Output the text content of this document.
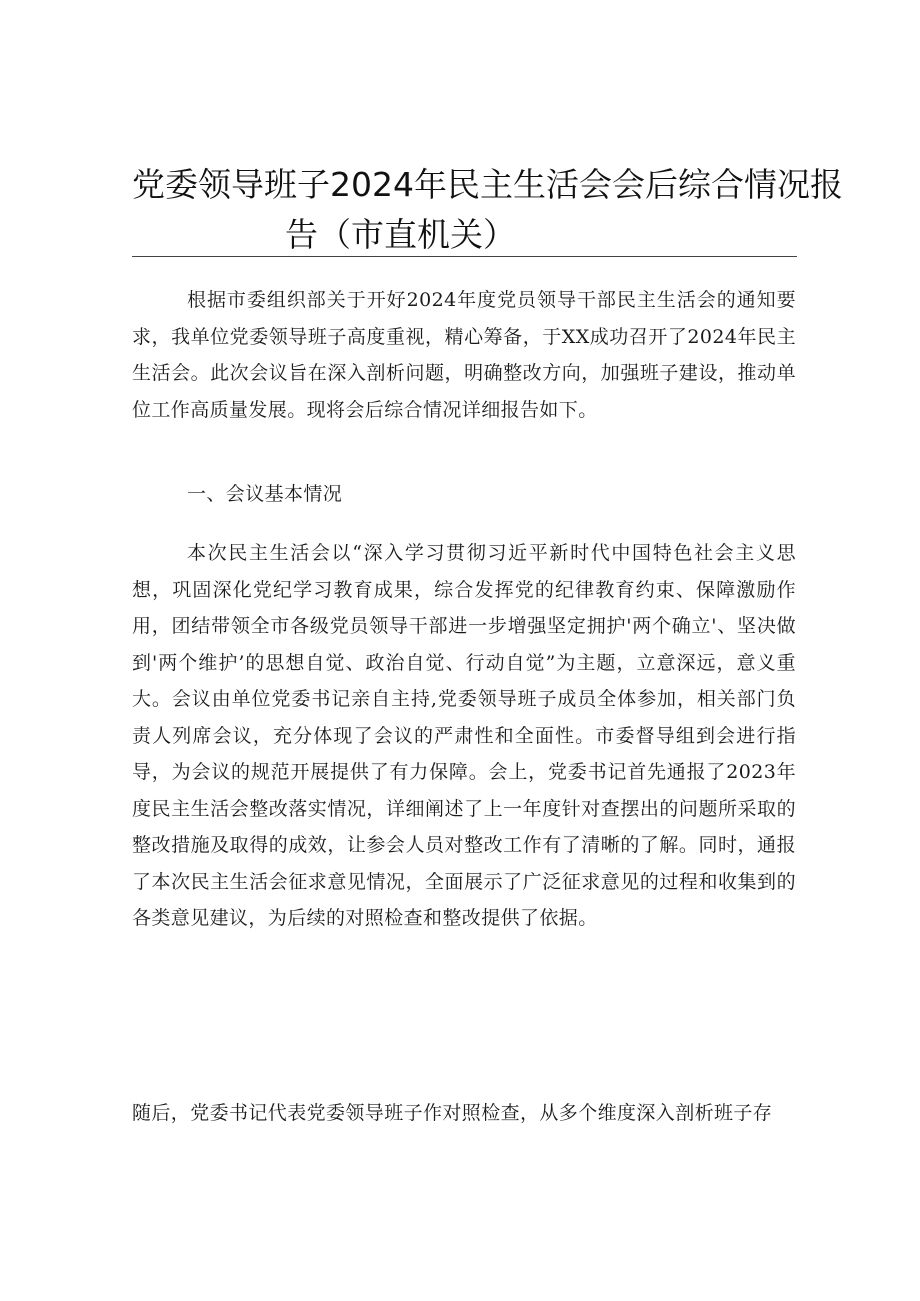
党委领导班子2024年民主生活会会后综合情况报
告（市直机关）

根据市委组织部关于开好2024年度党员领导干部民主生活会的通知要求，我单位党委领导班子高度重视，精心筹备，于XX成功召开了2024年民主生活会。此次会议旨在深入剖析问题，明确整改方向，加强班子建设，推动单位工作高质量发展。现将会后综合情况详细报告如下。

一、会议基本情况

本次民主生活会以“深入学习贯彻习近平新时代中国特色社会主义思想，巩固深化党纪学习教育成果，综合发挥党的纪律教育约束、保障激励作用，团结带领全市各级党员领导干部进一步增强坚定拥护'两个确立'、坚决做到'两个维护’的思想自觉、政治自觉、行动自觉”为主题，立意深远，意义重大。会议由单位党委书记亲自主持,党委领导班子成员全体参加，相关部门负责人列席会议，充分体现了会议的严肃性和全面性。市委督导组到会进行指导，为会议的规范开展提供了有力保障。会上，党委书记首先通报了2023年度民主生活会整改落实情况，详细阐述了上一年度针对查摆出的问题所采取的整改措施及取得的成效，让参会人员对整改工作有了清晰的了解。同时，通报了本次民主生活会征求意见情况，全面展示了广泛征求意见的过程和收集到的各类意见建议，为后续的对照检查和整改提供了依据。

随后，党委书记代表党委领导班子作对照检查，从多个维度深入剖析班子存
